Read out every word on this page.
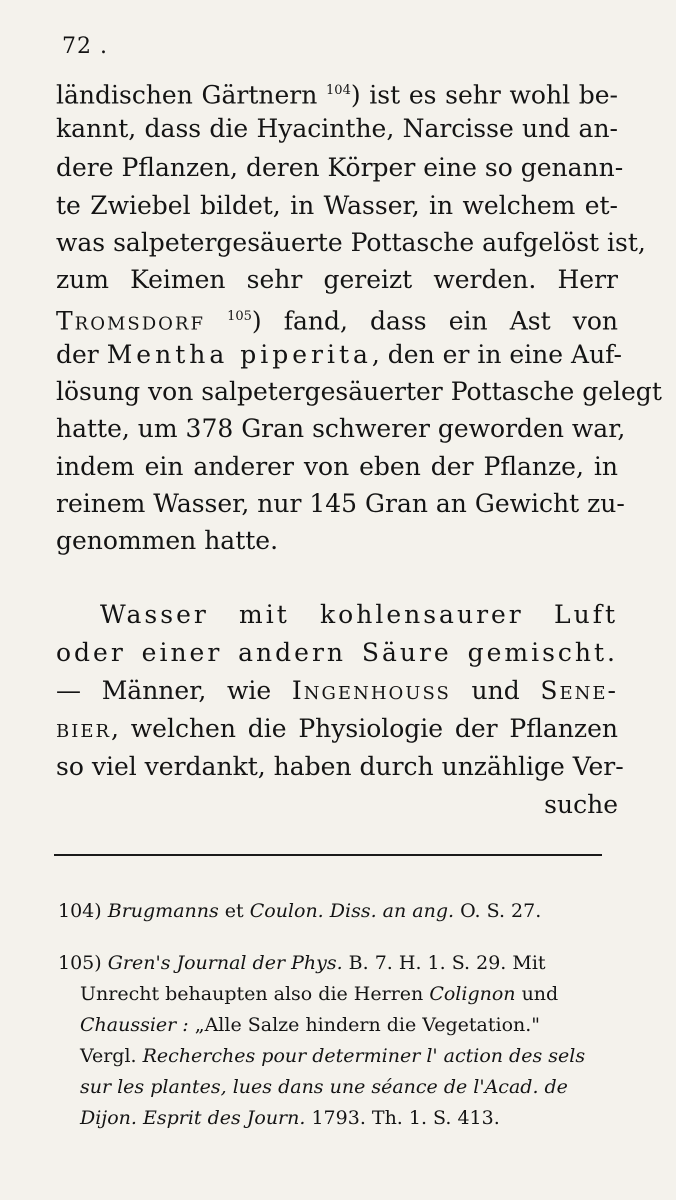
72 .
ländischen Gärtnern $^{104}$) ist es sehr wohl be-
kannt, dass die Hyacinthe, Narcisse und an-
dere Pflanzen, deren Körper eine so genann-
te Zwiebel bildet, in Wasser, in welchem et-
was salpetergesäuerte Pottasche aufgelöst ist,
zum Keimen sehr gereizt werden. Herr
Tromsdorf $^{105}$) fand, dass ein Ast von
der Mentha piperita, den er in eine Auf-
lösung von salpetergesäuerter Pottasche gelegt
hatte, um 378 Gran schwerer geworden war,
indem ein anderer von eben der Pflanze, in
reinem Wasser, nur 145 Gran an Gewicht zu-
genommen hatte.
Wasser mit kohlensaurer Luft
oder einer andern Säure gemischt.
— Männer, wie Ingenhouss und Sene-
bier, welchen die Physiologie der Pflanzen
so viel verdankt, haben durch unzählige Ver-
suche
104) Brugmanns et Coulon. Diss. an ang. O. S. 27.
105) Gren's Journal der Phys. B. 7. H. 1. S. 29. Mit
Unrecht behaupten also die Herren Colignon und
Chaussier : „Alle Salze hindern die Vegetation."
Vergl. Recherches pour determiner l' action des sels
sur les plantes, lues dans une séance de l'Acad. de
Dijon. Esprit des Journ. 1793. Th. 1. S. 413.
